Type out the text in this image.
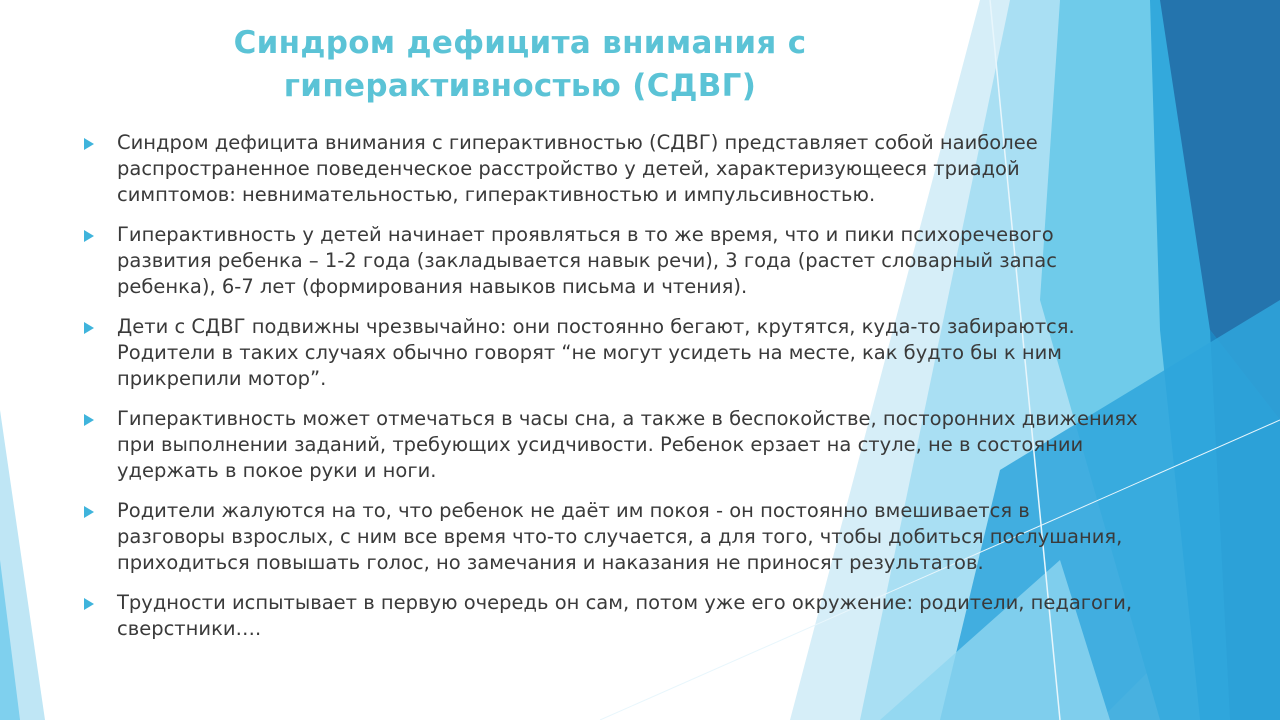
Синдром дефицита внимания с
гиперактивностью (СДВГ)
Синдром дефицита внимания с гиперактивностью (СДВГ) представляет собой наиболее
распространенное поведенческое расстройство у детей, характеризующееся триадой
симптомов: невнимательностью, гиперактивностью и импульсивностью.
Гиперактивность у детей начинает проявляться в то же время, что и пики психоречевого
развития ребенка – 1-2 года (закладывается навык речи), 3 года (растет словарный запас
ребенка), 6-7 лет (формирования навыков письма и чтения).
Дети с СДВГ подвижны чрезвычайно: они постоянно бегают, крутятся, куда-то забираются.
Родители в таких случаях обычно говорят “не могут усидеть на месте, как будто бы к ним
прикрепили мотор”.
Гиперактивность может отмечаться в часы сна, а также в беспокойстве, посторонних движениях
при выполнении заданий, требующих усидчивости. Ребенок ерзает на стуле, не в состоянии
удержать в покое руки и ноги.
Родители жалуются на то, что ребенок не даёт им покоя - он постоянно вмешивается в
разговоры взрослых, с ним все время что-то случается, а для того, чтобы добиться послушания,
приходиться повышать голос, но замечания и наказания не приносят результатов.
Трудности испытывает в первую очередь он сам, потом уже его окружение: родители, педагоги,
сверстники….
